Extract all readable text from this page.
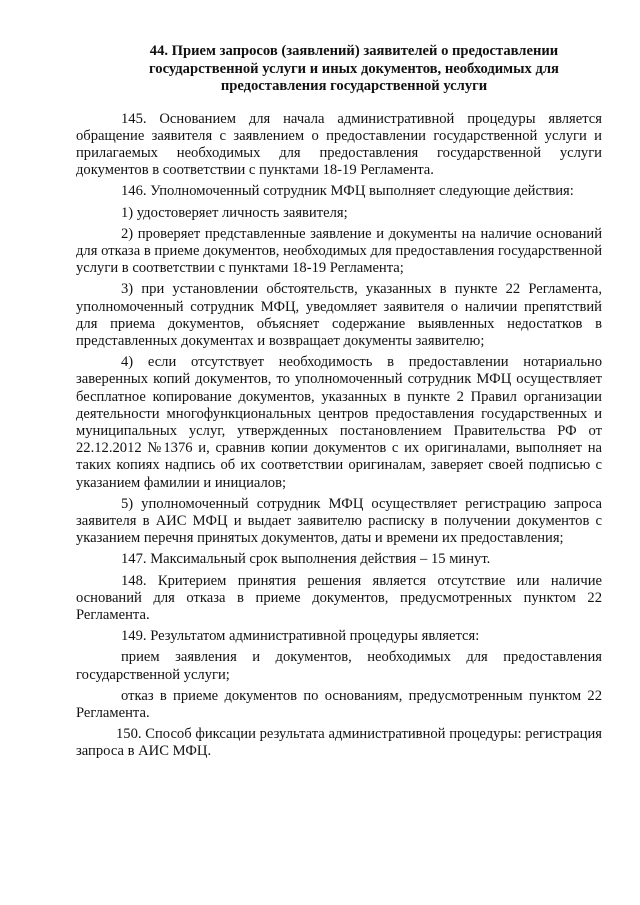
44. Прием запросов (заявлений) заявителей о предоставлении
государственной услуги и иных документов, необходимых для
предоставления государственной услуги

145. Основанием для начала административной процедуры является обращение заявителя с заявлением о предоставлении государственной услуги и прилагаемых необходимых для предоставления государственной услуги документов в соответствии с пунктами 18-19 Регламента.

146. Уполномоченный сотрудник МФЦ выполняет следующие действия:

1) удостоверяет личность заявителя;

2) проверяет представленные заявление и документы на наличие оснований для отказа в приеме документов, необходимых для предоставления государственной услуги в соответствии с пунктами 18-19 Регламента;

3) при установлении обстоятельств, указанных в пункте 22 Регламента, уполномоченный сотрудник МФЦ, уведомляет заявителя о наличии препятствий для приема документов, объясняет содержание выявленных недостатков в представленных документах и возвращает документы заявителю;

4) если отсутствует необходимость в предоставлении нотариально заверенных копий документов, то уполномоченный сотрудник МФЦ осуществляет бесплатное копирование документов, указанных в пункте 2 Правил организации деятельности многофункциональных центров предоставления государственных и муниципальных услуг, утвержденных постановлением Правительства РФ от 22.12.2012 №1376 и, сравнив копии документов с их оригиналами, выполняет на таких копиях надпись об их соответствии оригиналам, заверяет своей подписью с указанием фамилии и инициалов;

5) уполномоченный сотрудник МФЦ осуществляет регистрацию запроса заявителя в АИС МФЦ и выдает заявителю расписку в получении документов с указанием перечня принятых документов, даты и времени их предоставления;

147. Максимальный срок выполнения действия – 15 минут.

148. Критерием принятия решения является отсутствие или наличие оснований для отказа в приеме документов, предусмотренных пунктом 22 Регламента.

149. Результатом административной процедуры является:

прием заявления и документов, необходимых для предоставления государственной услуги;

отказ в приеме документов по основаниям, предусмотренным пунктом 22 Регламента.

150. Способ фиксации результата административной процедуры: регистрация запроса в АИС МФЦ.
